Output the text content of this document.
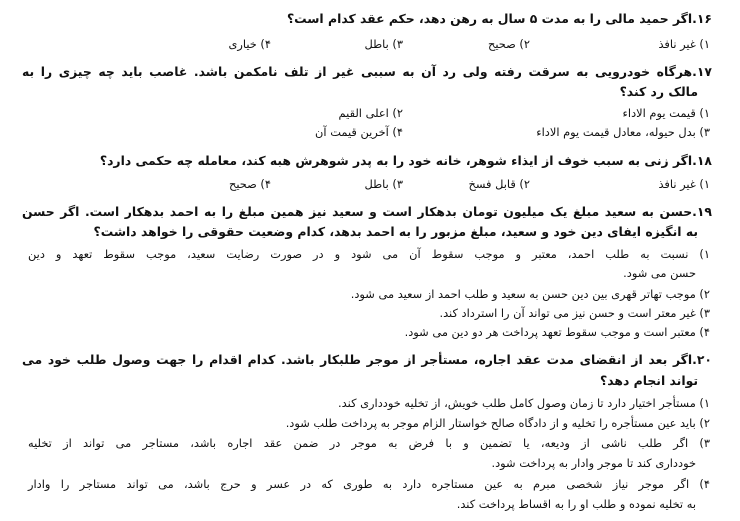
۱۶.اگر حمید مالی را به مدت ۵ سال به رهن دهد، حکم عقد کدام است؟
۱) غیر نافذ
۲) صحیح
۳) باطل
۴) خیاری
۱۷.هرگاه خودرویی به سرقت رفته ولی رد آن به سببی غیر از تلف نامکمن باشد. غاصب باید چه چیزی را به
مالک رد کند؟
۱) قیمت یوم الاداء
۲) اعلی القیم
۳) بدل حیوله، معادل قیمت یوم الاداء
۴) آخرین قیمت آن
۱۸.اگر زنی به سبب خوف از ایذاء شوهر، خانه خود را به پدر شوهرش هبه کند، معامله چه حکمی دارد؟
۱) غیر نافذ
۲) قابل فسخ
۳) باطل
۴) صحیح
۱۹.حسن به سعید مبلغ یک میلیون تومان بدهکار است و سعید نیز همین مبلغ را به احمد بدهکار است. اگر حسن
به انگیزه ایفای دین خود و سعید، مبلغ مزبور را به احمد بدهد، کدام وضعیت حقوقی را خواهد داشت؟
۱) نسبت به طلب احمد، معتبر و موجب سقوط آن می شود و در صورت رضایت سعید، موجب سقوط تعهد و دین
حسن می شود.
۲) موجب تهاتر قهری بین دین حسن به سعید و طلب احمد از سعید می شود.
۳) غیر معتر است و حسن نیز می تواند آن را استرداد کند.
۴) معتبر است و موجب سقوط تعهد پرداخت هر دو دین می شود.
۲۰.اگر بعد از انقضای مدت عقد اجاره، مستأجر از موجر طلبکار باشد. کدام اقدام را جهت وصول طلب خود می
تواند انجام دهد؟
۱) مستأجر اختیار دارد تا زمان وصول کامل طلب خویش، از تخلیه خودداری کند.
۲) باید عین مستأجره را تخلیه و از دادگاه صالح خواستار الزام موجر به پرداخت طلب شود.
۳) اگر طلب ناشی از ودیعه، یا تضمین و با فرض به موجر در ضمن عقد اجاره باشد، مستاجر می تواند از تخلیه
خودداری کند تا موجر وادار به پرداخت شود.
۴) اگر موجر نیاز شخصی مبرم به عین مستاجره دارد به طوری که در عسر و حرج باشد، می تواند مستاجر را وادار
به تخلیه نموده و طلب او را به اقساط پرداخت کند.
